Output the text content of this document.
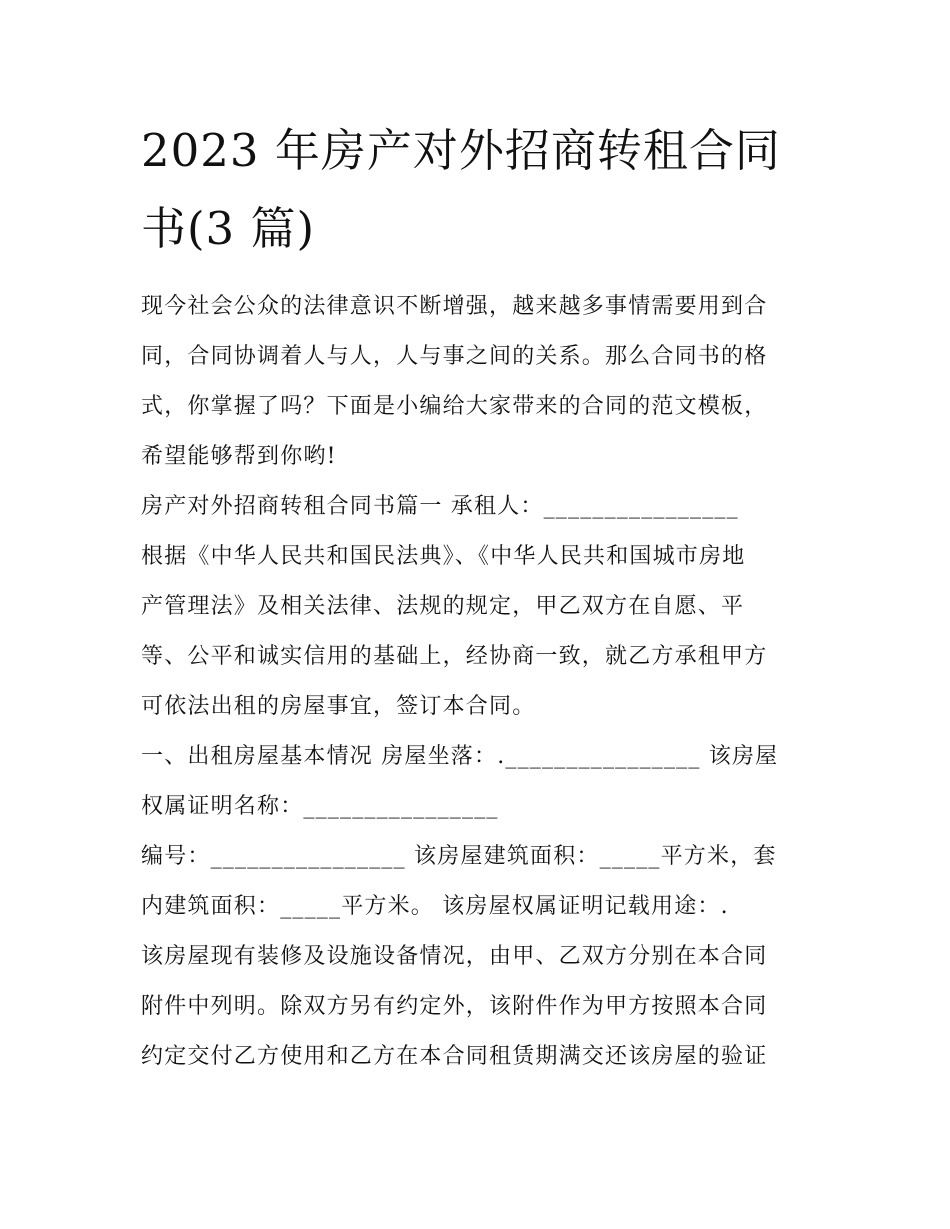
2023 年房产对外招商转租合同
书(3 篇)
现今社会公众的法律意识不断增强，越来越多事情需要用到合
同，合同协调着人与人，人与事之间的关系。那么合同书的格
式，你掌握了吗？下面是小编给大家带来的合同的范文模板，
希望能够帮到你哟!
房产对外招商转租合同书篇一 承租人：________________
根据《中华人民共和国民法典》、《中华人民共和国城市房地
产管理法》及相关法律、法规的规定，甲乙双方在自愿、平
等、公平和诚实信用的基础上，经协商一致，就乙方承租甲方
可依法出租的房屋事宜，签订本合同。
一、出租房屋基本情况 房屋坐落：.________________ 该房屋
权属证明名称：________________
编号：________________ 该房屋建筑面积：_____平方米，套
内建筑面积：_____平方米。 该房屋权属证明记载用途：.
该房屋现有装修及设施设备情况，由甲、乙双方分别在本合同
附件中列明。除双方另有约定外，该附件作为甲方按照本合同
约定交付乙方使用和乙方在本合同租赁期满交还该房屋的验证
